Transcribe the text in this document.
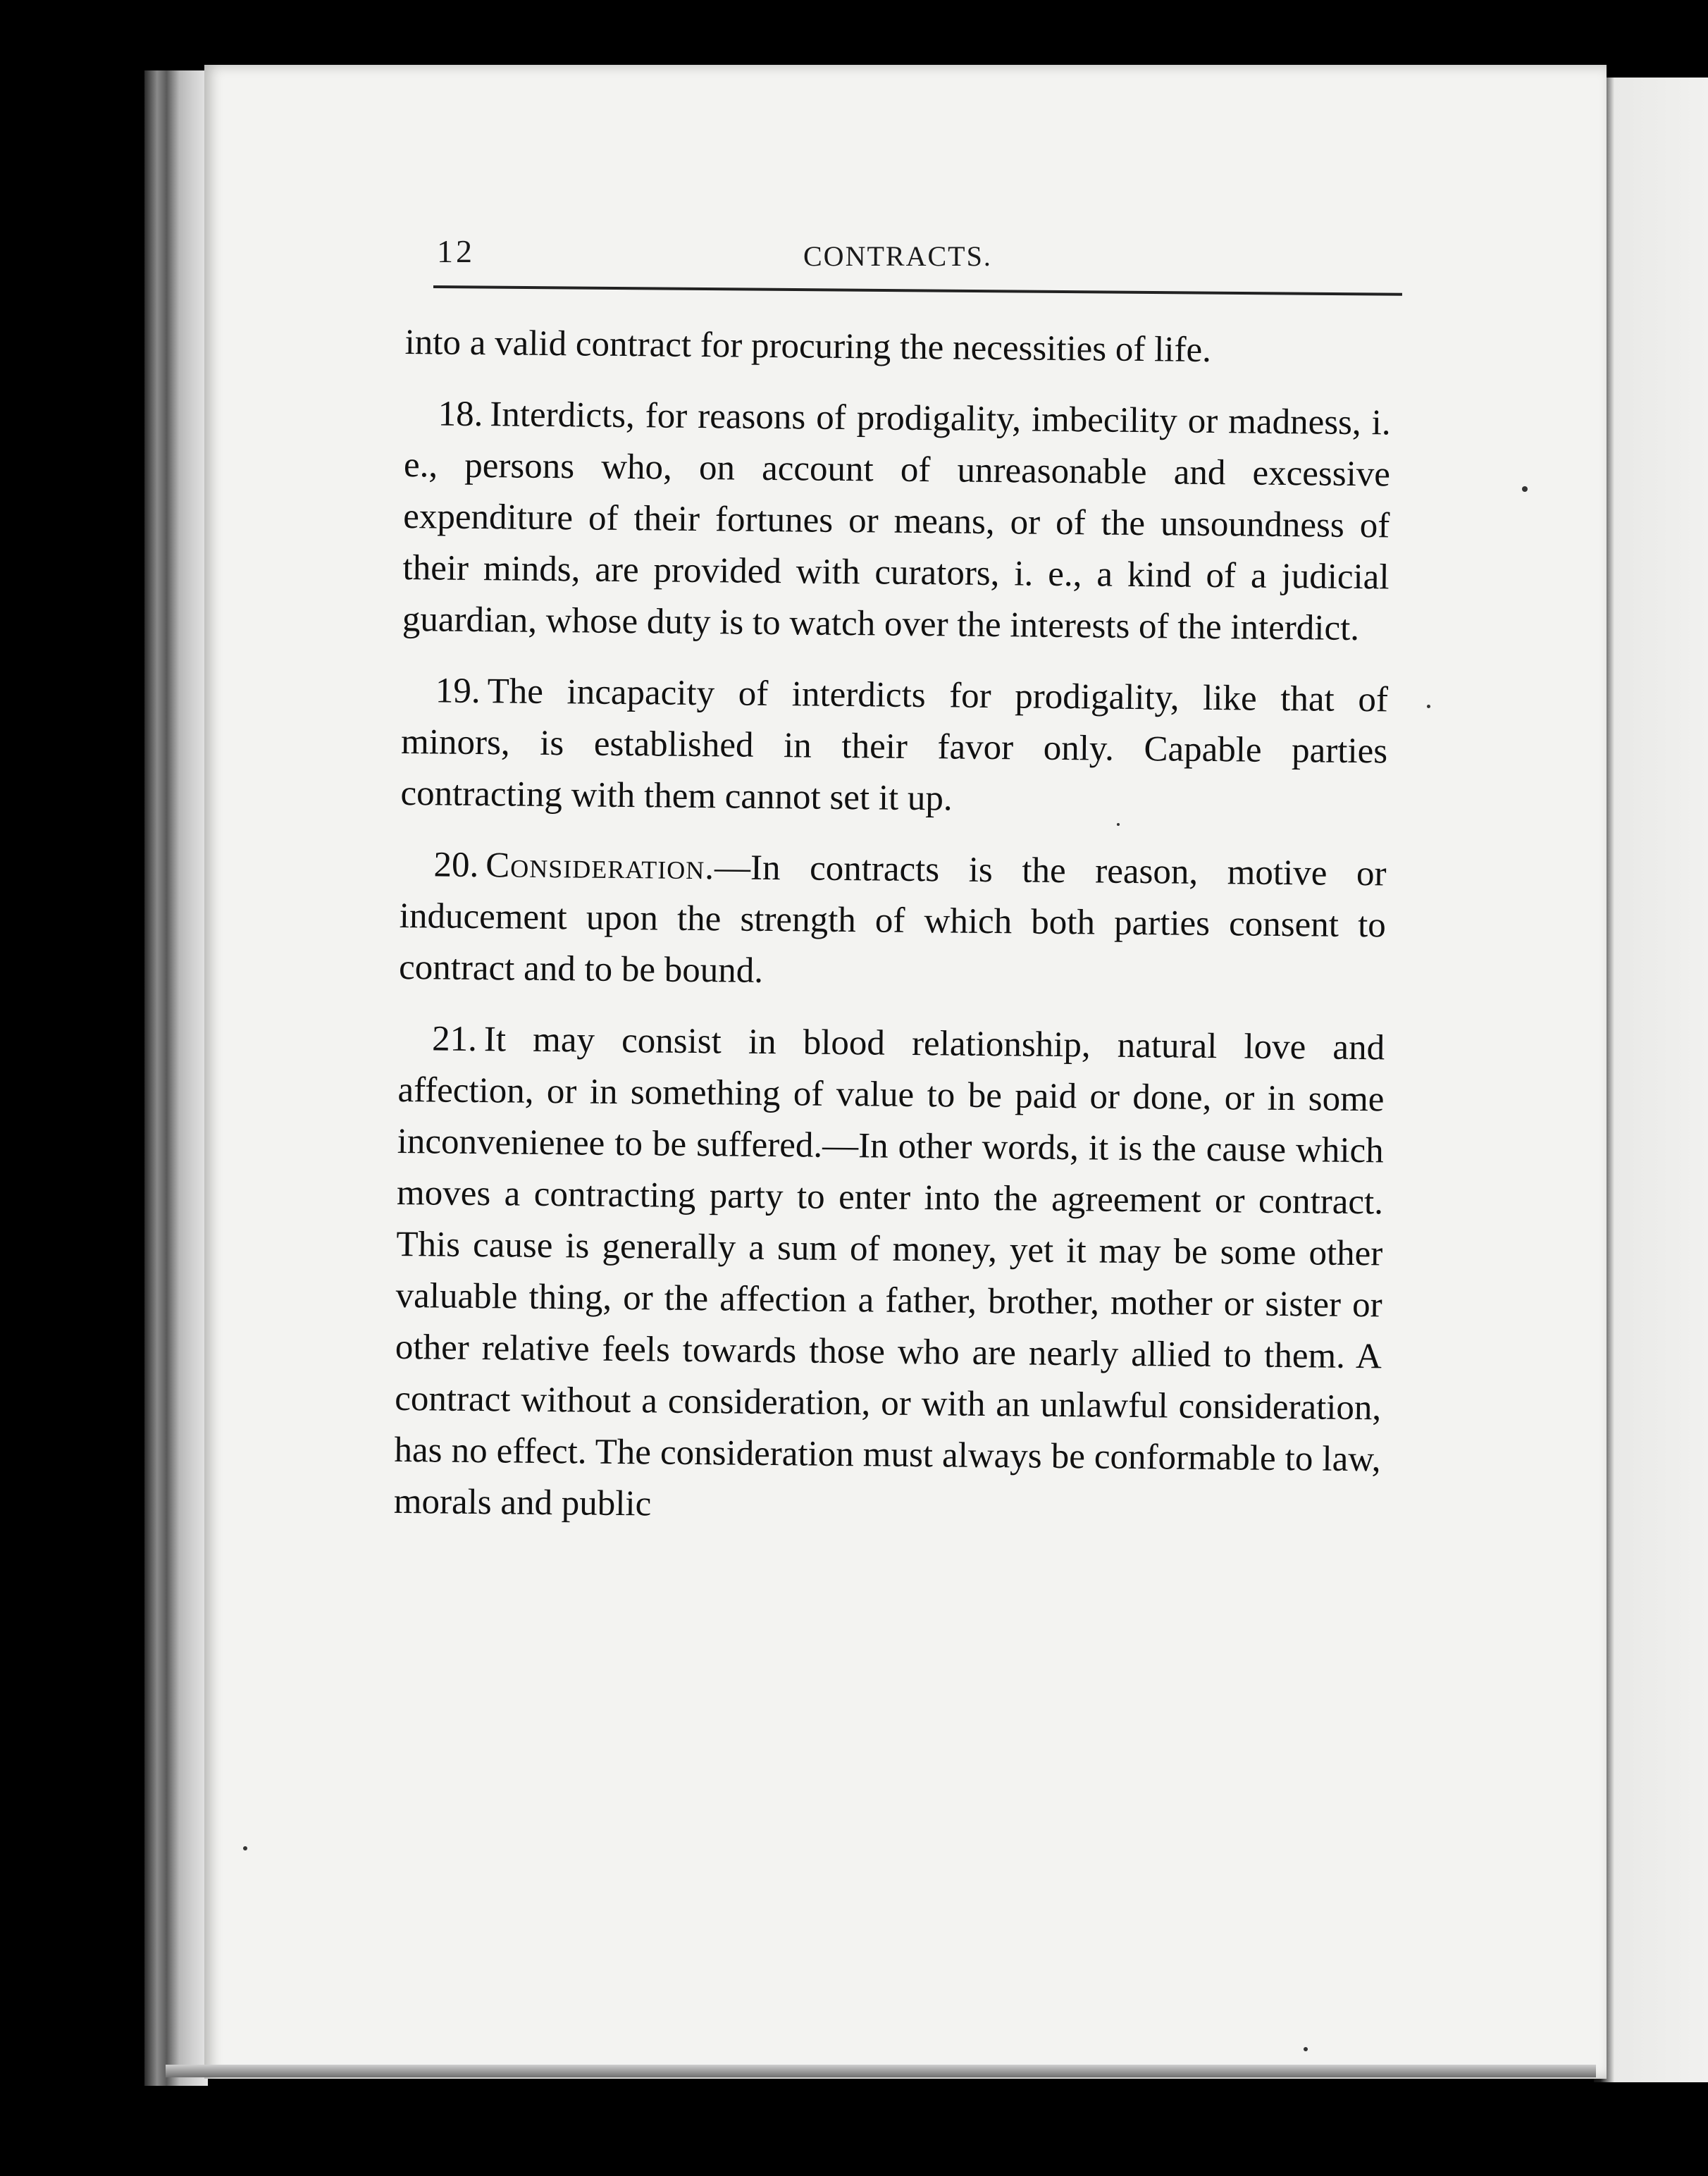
12	CONTRACTS.

into a valid contract for procuring the necessities of life.

18. Interdicts, for reasons of prodigality, imbecility or madness, i. e., persons who, on account of unreasonable and excessive expenditure of their fortunes or means, or of the unsoundness of their minds, are provided with curators, i. e., a kind of a judicial guardian, whose duty is to watch over the interests of the interdict.

19. The incapacity of interdicts for prodigality, like that of minors, is established in their favor only. Capable parties contracting with them cannot set it up.

20. Consideration.—In contracts is the reason, motive or inducement upon the strength of which both parties consent to contract and to be bound.

21. It may consist in blood relationship, natural love and affection, or in something of value to be paid or done, or in some inconvenienee to be suffered.—In other words, it is the cause which moves a contracting party to enter into the agreement or contract. This cause is generally a sum of money, yet it may be some other valuable thing, or the affection a father, brother, mother or sister or other relative feels towards those who are nearly allied to them. A contract without a consideration, or with an unlawful consideration, has no effect. The consideration must always be conformable to law, morals and public
